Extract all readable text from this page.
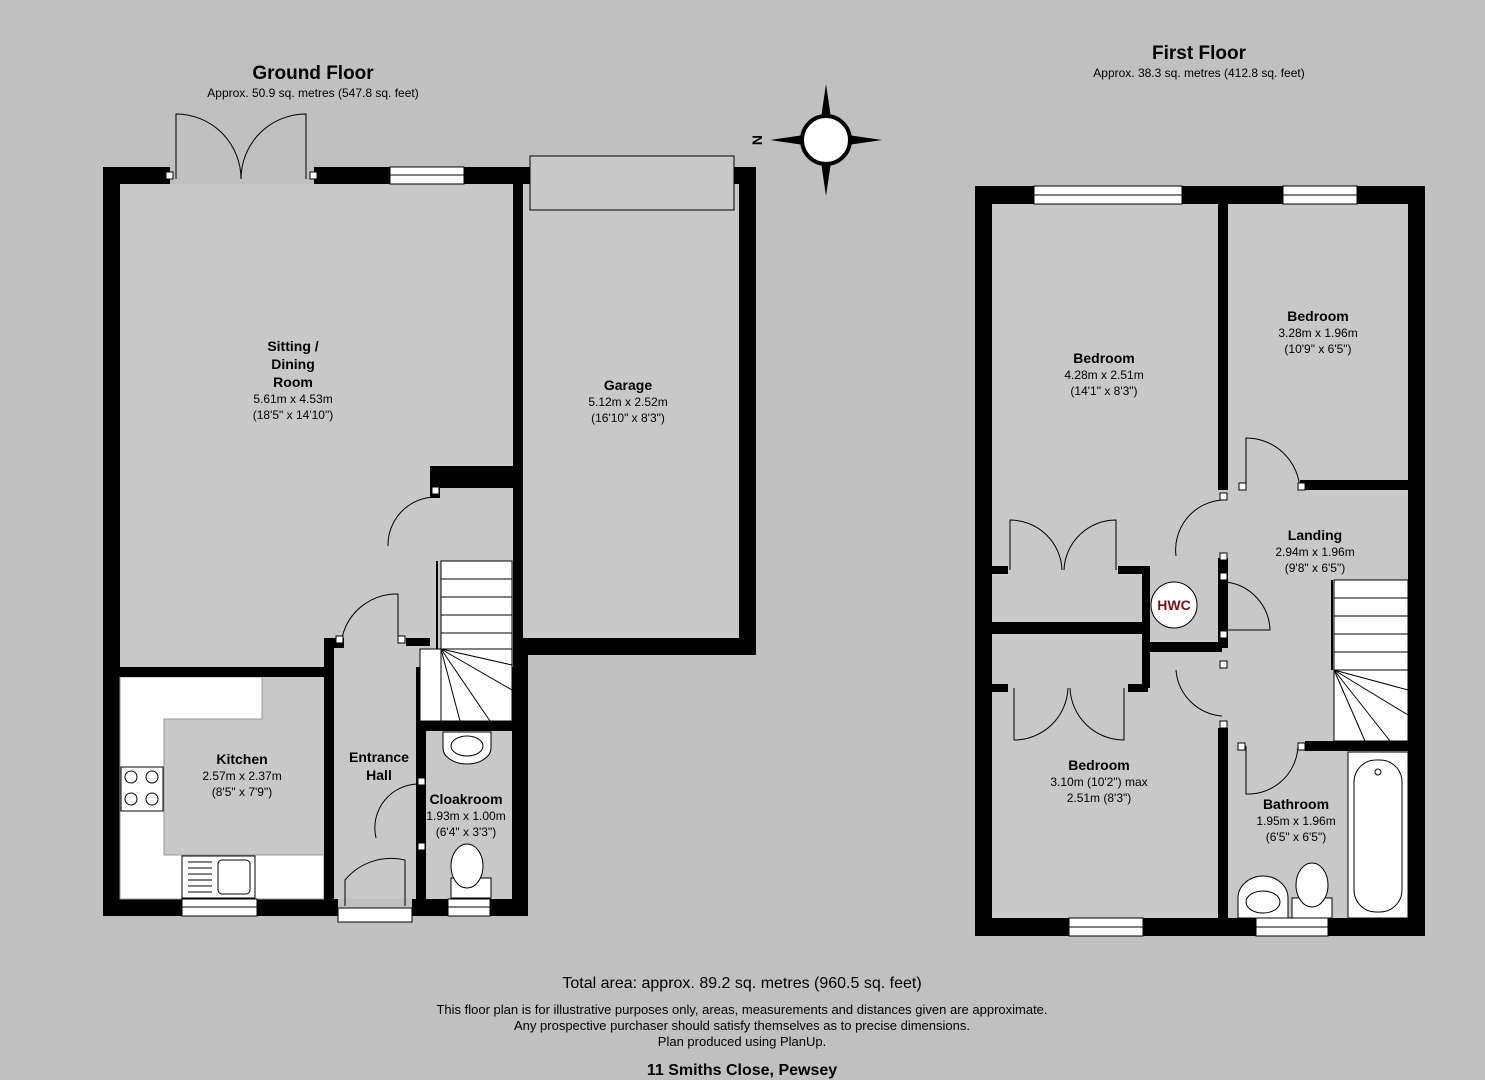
Ground Floor
Approx. 50.9 sq. metres (547.8 sq. feet)
First Floor
Approx. 38.3 sq. metres (412.8 sq. feet)
Sitting /
Dining
Room
5.61m x 4.53m
(18'5" x 14'10")
Garage
5.12m x 2.52m
(16'10" x 8'3")
Kitchen
2.57m x 2.37m
(8'5" x 7'9")
Entrance
Hall
Cloakroom
1.93m x 1.00m
(6'4" x 3'3")
Bedroom
4.28m x 2.51m
(14'1" x 8'3")
Bedroom
3.28m x 1.96m
(10'9" x 6'5")
Landing
2.94m x 1.96m
(9'8" x 6'5")
Bedroom
3.10m (10'2") max
2.51m (8'3")	Bathroom
1.95m x 1.96m
(6'5" x 6'5")
HWC
N
Total area: approx. 89.2 sq. metres (960.5 sq. feet)
This floor plan is for illustrative purposes only, areas, measurements and distances given are approximate.
Any prospective purchaser should satisfy themselves as to precise dimensions.
Plan produced using PlanUp.
11 Smiths Close, Pewsey
